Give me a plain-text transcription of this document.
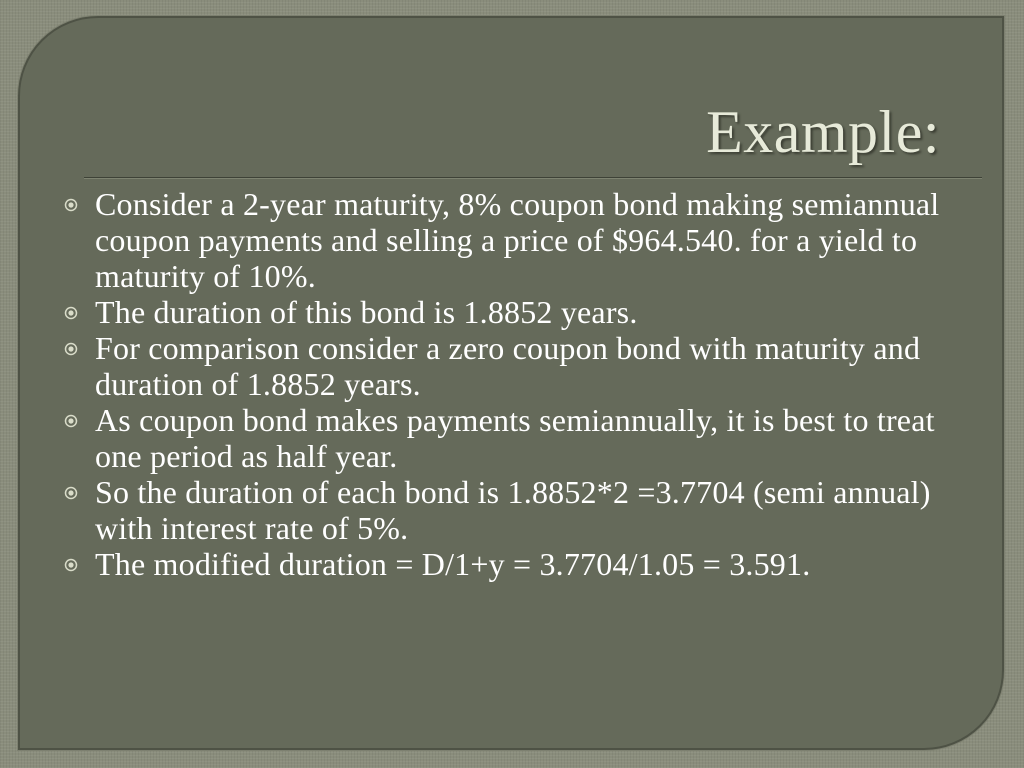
Example:
Consider a 2-year maturity, 8% coupon bond making semiannual coupon payments and selling a price of $964.540. for a yield to maturity of 10%.
The duration of this bond is 1.8852 years.
For comparison consider a zero coupon bond with maturity and duration of 1.8852 years.
As coupon bond makes payments semiannually, it is best to treat one period as half year.
So the duration of each bond is 1.8852*2 =3.7704 (semi annual) with interest rate of 5%.
The modified duration = D/1+y = 3.7704/1.05 = 3.591.
